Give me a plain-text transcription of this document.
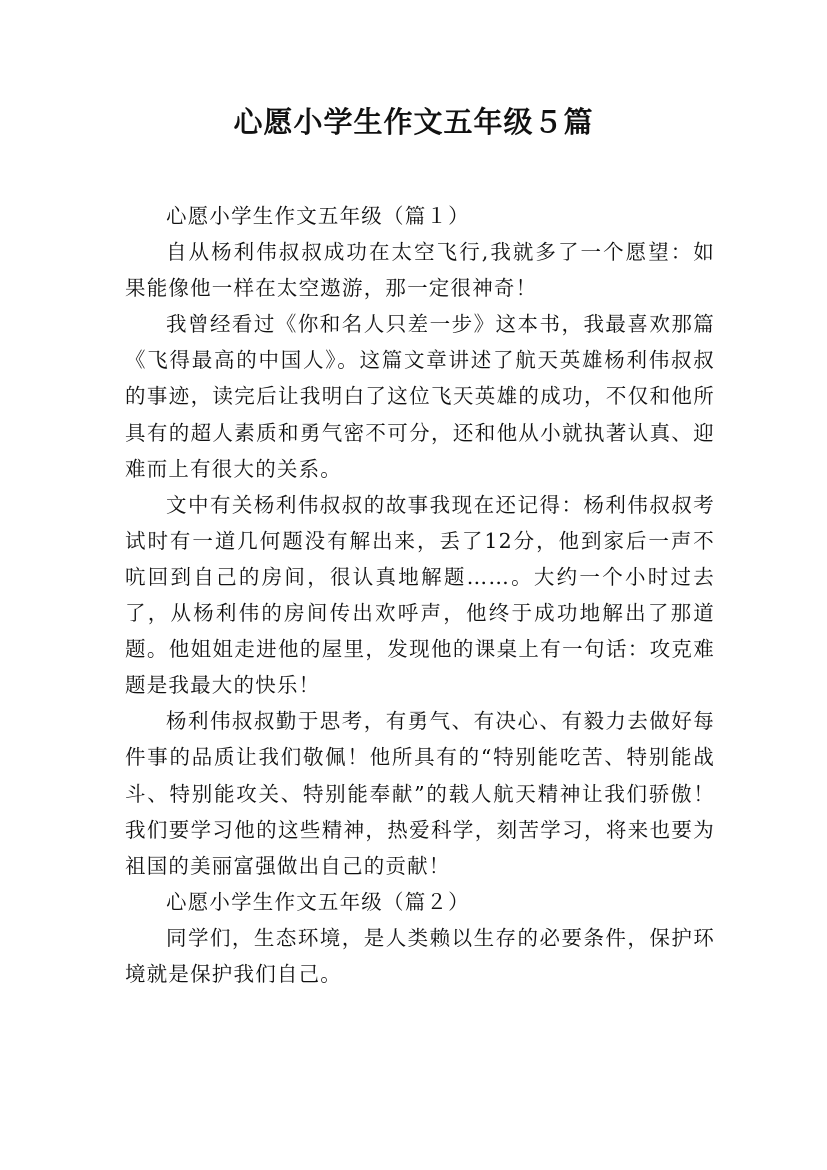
心愿小学生作文五年级５篇

心愿小学生作文五年级（篇１）

自从杨利伟叔叔成功在太空飞行,我就多了一个愿望：如果能像他一样在太空遨游，那一定很神奇！

我曾经看过《你和名人只差一步》这本书，我最喜欢那篇《飞得最高的中国人》。这篇文章讲述了航天英雄杨利伟叔叔的事迹，读完后让我明白了这位飞天英雄的成功，不仅和他所具有的超人素质和勇气密不可分，还和他从小就执著认真、迎难而上有很大的关系。

文中有关杨利伟叔叔的故事我现在还记得：杨利伟叔叔考试时有一道几何题没有解出来，丢了12分，他到家后一声不吭回到自己的房间，很认真地解题……。大约一个小时过去了，从杨利伟的房间传出欢呼声，他终于成功地解出了那道题。他姐姐走进他的屋里，发现他的课桌上有一句话：攻克难题是我最大的快乐！

杨利伟叔叔勤于思考，有勇气、有决心、有毅力去做好每件事的品质让我们敬佩！他所具有的“特别能吃苦、特别能战斗、特别能攻关、特别能奉献”的载人航天精神让我们骄傲！我们要学习他的这些精神，热爱科学，刻苦学习，将来也要为祖国的美丽富强做出自己的贡献！

心愿小学生作文五年级（篇２）

同学们，生态环境，是人类赖以生存的必要条件，保护环境就是保护我们自己。
